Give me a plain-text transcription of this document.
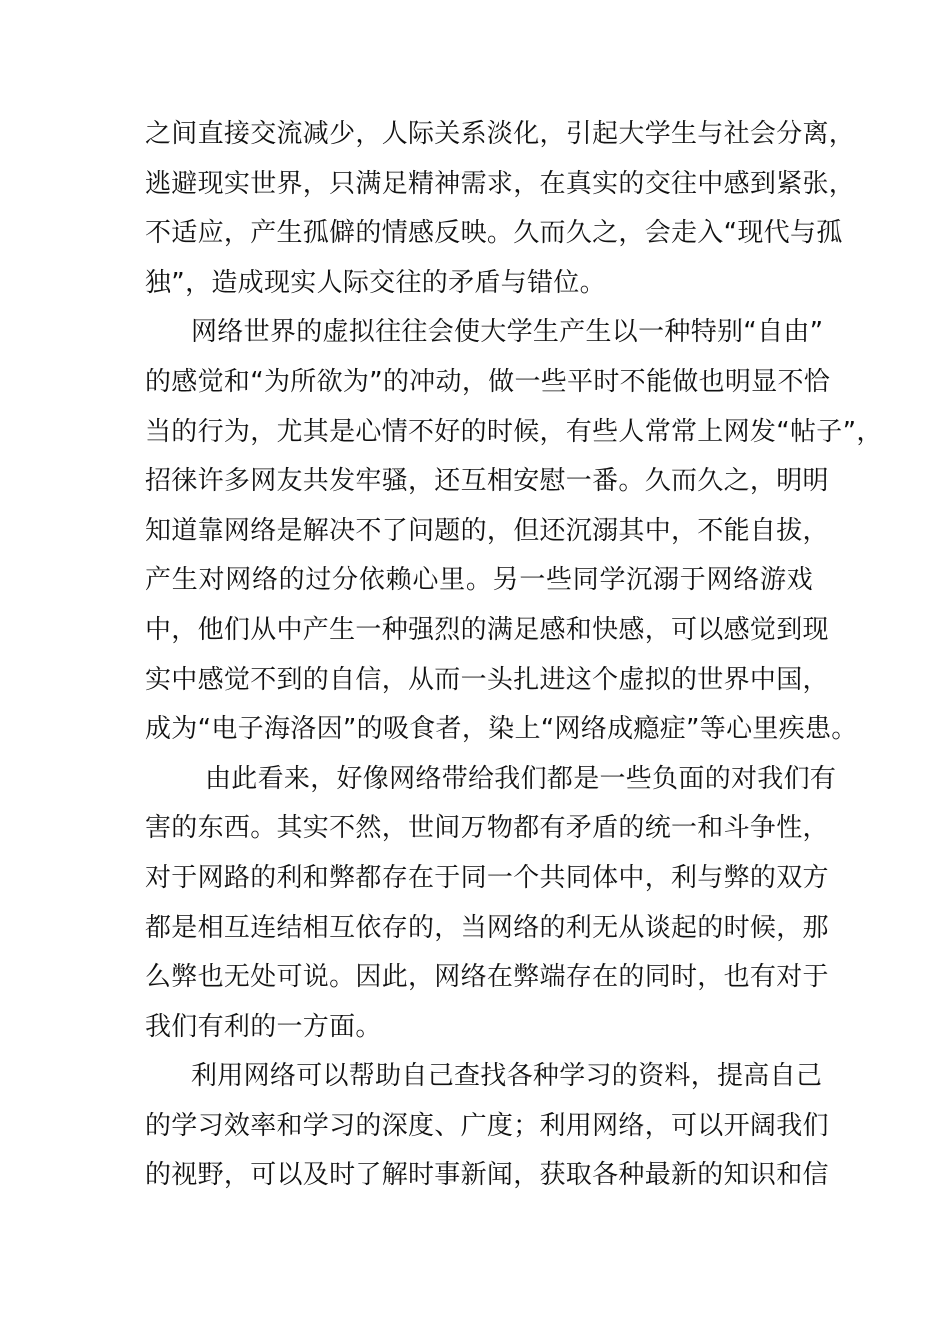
之间直接交流减少，人际关系淡化，引起大学生与社会分离，
逃避现实世界，只满足精神需求，在真实的交往中感到紧张，
不适应，产生孤僻的情感反映。久而久之，会走入“现代与孤
独”，造成现实人际交往的矛盾与错位。
网络世界的虚拟往往会使大学生产生以一种特别“自由”
的感觉和“为所欲为”的冲动，做一些平时不能做也明显不恰
当的行为，尤其是心情不好的时候，有些人常常上网发“帖子”，
招徕许多网友共发牢骚，还互相安慰一番。久而久之，明明
知道靠网络是解决不了问题的，但还沉溺其中，不能自拔，
产生对网络的过分依赖心里。另一些同学沉溺于网络游戏
中，他们从中产生一种强烈的满足感和快感，可以感觉到现
实中感觉不到的自信，从而一头扎进这个虚拟的世界中国，
成为“电子海洛因”的吸食者，染上“网络成瘾症”等心里疾患。
由此看来，好像网络带给我们都是一些负面的对我们有
害的东西。其实不然，世间万物都有矛盾的统一和斗争性，
对于网路的利和弊都存在于同一个共同体中，利与弊的双方
都是相互连结相互依存的，当网络的利无从谈起的时候，那
么弊也无处可说。因此，网络在弊端存在的同时，也有对于
我们有利的一方面。
利用网络可以帮助自己查找各种学习的资料，提高自己
的学习效率和学习的深度、广度；利用网络，可以开阔我们
的视野，可以及时了解时事新闻，获取各种最新的知识和信
